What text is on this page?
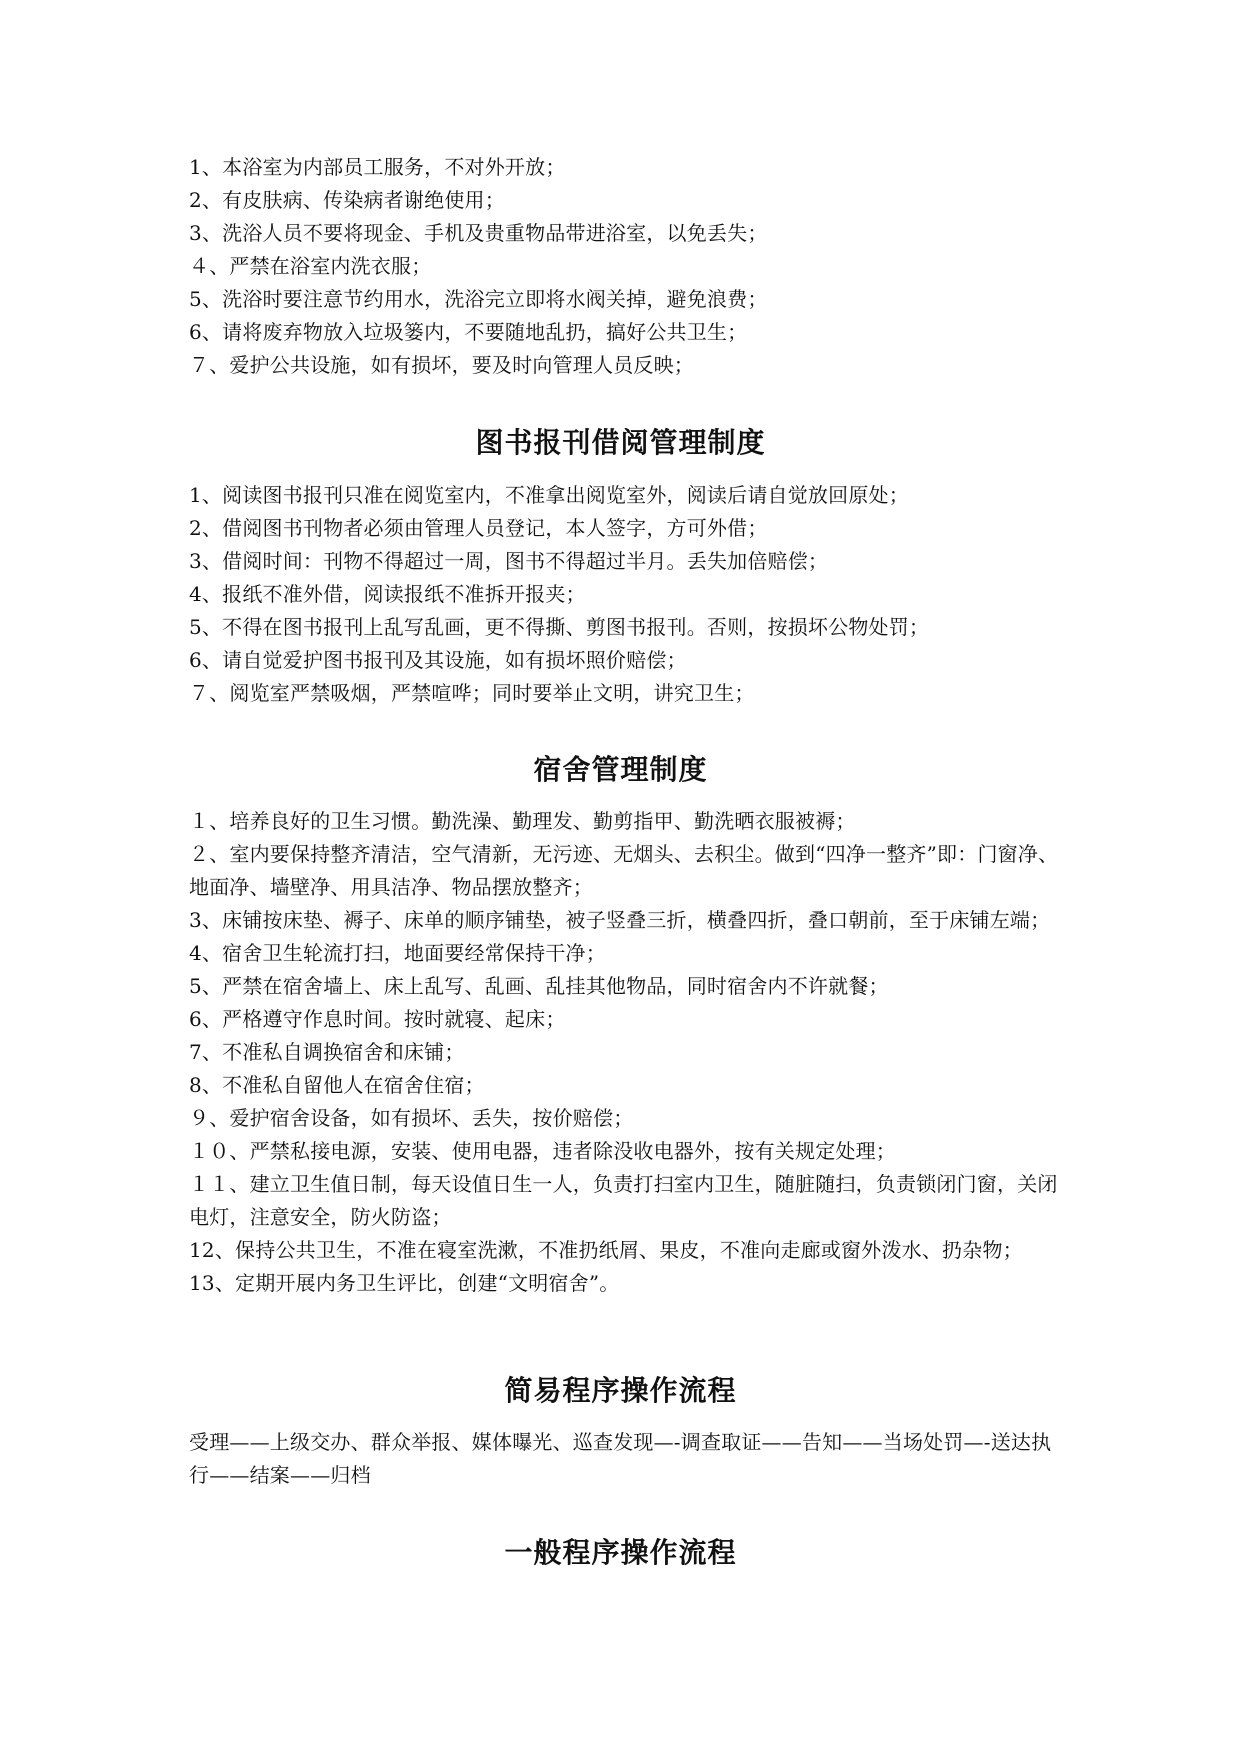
1、本浴室为内部员工服务，不对外开放；
2、有皮肤病、传染病者谢绝使用；
3、洗浴人员不要将现金、手机及贵重物品带进浴室，以免丢失；
４、严禁在浴室内洗衣服；
5、洗浴时要注意节约用水，洗浴完立即将水阀关掉，避免浪费；
6、请将废弃物放入垃圾篓内，不要随地乱扔，搞好公共卫生；
７、爱护公共设施，如有损坏，要及时向管理人员反映；
图书报刊借阅管理制度
1、阅读图书报刊只准在阅览室内，不准拿出阅览室外，阅读后请自觉放回原处；
2、借阅图书刊物者必须由管理人员登记，本人签字，方可外借；
3、借阅时间：刊物不得超过一周，图书不得超过半月。丢失加倍赔偿；
4、报纸不准外借，阅读报纸不准拆开报夹；
5、不得在图书报刊上乱写乱画，更不得撕、剪图书报刊。否则，按损坏公物处罚；
6、请自觉爱护图书报刊及其设施，如有损坏照价赔偿；
７、阅览室严禁吸烟，严禁喧哗；同时要举止文明，讲究卫生；
宿舍管理制度
１、培养良好的卫生习惯。勤洗澡、勤理发、勤剪指甲、勤洗晒衣服被褥；
２、室内要保持整齐清洁，空气清新，无污迹、无烟头、去积尘。做到“四净一整齐”即：门窗净、地面净、墙壁净、用具洁净、物品摆放整齐；
3、床铺按床垫、褥子、床单的顺序铺垫，被子竖叠三折，横叠四折，叠口朝前，至于床铺左端；
4、宿舍卫生轮流打扫，地面要经常保持干净；
5、严禁在宿舍墙上、床上乱写、乱画、乱挂其他物品，同时宿舍内不许就餐；
6、严格遵守作息时间。按时就寝、起床；
7、不准私自调换宿舍和床铺；
8、不准私自留他人在宿舍住宿；
９、爱护宿舍设备，如有损坏、丢失，按价赔偿；
１０、严禁私接电源，安装、使用电器，违者除没收电器外，按有关规定处理；
１１、建立卫生值日制，每天设值日生一人，负责打扫室内卫生，随脏随扫，负责锁闭门窗，关闭电灯，注意安全，防火防盗；
12、保持公共卫生，不准在寝室洗漱，不准扔纸屑、果皮，不准向走廊或窗外泼水、扔杂物；
13、定期开展内务卫生评比，创建“文明宿舍”。
简易程序操作流程
受理——上级交办、群众举报、媒体曝光、巡查发现—-调查取证——告知——当场处罚—-送达执行——结案——归档
一般程序操作流程
